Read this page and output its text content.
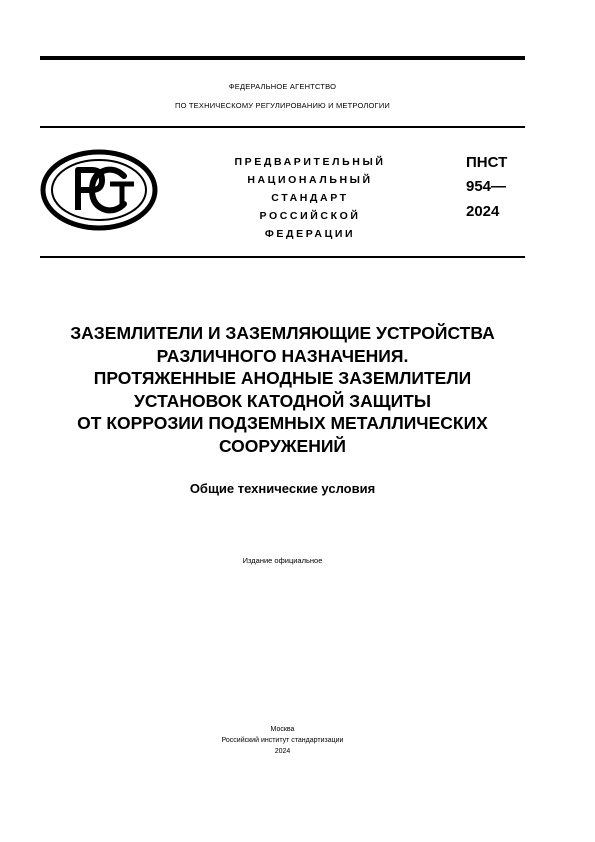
ФЕДЕРАЛЬНОЕ АГЕНТСТВО
ПО ТЕХНИЧЕСКОМУ РЕГУЛИРОВАНИЮ И МЕТРОЛОГИИ
ПРЕДВАРИТЕЛЬНЫЙ
НАЦИОНАЛЬНЫЙ
СТАНДАРТ
РОССИЙСКОЙ
ФЕДЕРАЦИИ
ПНСТ
954—
2024
ЗАЗЕМЛИТЕЛИ И ЗАЗЕМЛЯЮЩИЕ УСТРОЙСТВА
РАЗЛИЧНОГО НАЗНАЧЕНИЯ.
ПРОТЯЖЕННЫЕ АНОДНЫЕ ЗАЗЕМЛИТЕЛИ
УСТАНОВОК КАТОДНОЙ ЗАЩИТЫ
ОТ КОРРОЗИИ ПОДЗЕМНЫХ МЕТАЛЛИЧЕСКИХ
СООРУЖЕНИЙ
Общие технические условия
Издание официальное
Москва
Российский институт стандартизации
2024
